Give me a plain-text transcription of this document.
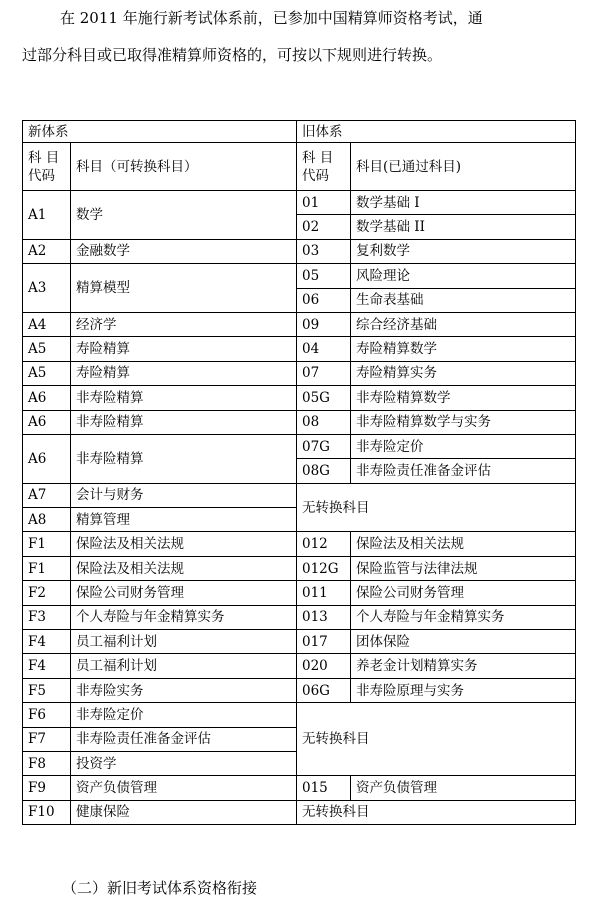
在 2011 年施行新考试体系前，已参加中国精算师资格考试，通
过部分科目或已取得准精算师资格的，可按以下规则进行转换。

新体系		旧体系	
科 目 代码	科目（可转换科目）	科 目 代码	科目(已通过科目)
A1	数学	01	数学基础 I
		02	数学基础 II
A2	金融数学	03	复利数学
A3	精算模型	05	风险理论
		06	生命表基础
A4	经济学	09	综合经济基础
A5	寿险精算	04	寿险精算数学
A5	寿险精算	07	寿险精算实务
A6	非寿险精算	05G	非寿险精算数学
A6	非寿险精算	08	非寿险精算数学与实务
A6	非寿险精算	07G	非寿险定价
		08G	非寿险责任准备金评估
A7	会计与财务	无转换科目	
A8	精算管理		
F1	保险法及相关法规	012	保险法及相关法规
F1	保险法及相关法规	012G	保险监管与法律法规
F2	保险公司财务管理	011	保险公司财务管理
F3	个人寿险与年金精算实务	013	个人寿险与年金精算实务
F4	员工福利计划	017	团体保险
F4	员工福利计划	020	养老金计划精算实务
F5	非寿险实务	06G	非寿险原理与实务
F6	非寿险定价	无转换科目	
F7	非寿险责任准备金评估		
F8	投资学		
F9	资产负债管理	015	资产负债管理
F10	健康保险	无转换科目	

（二）新旧考试体系资格衔接
